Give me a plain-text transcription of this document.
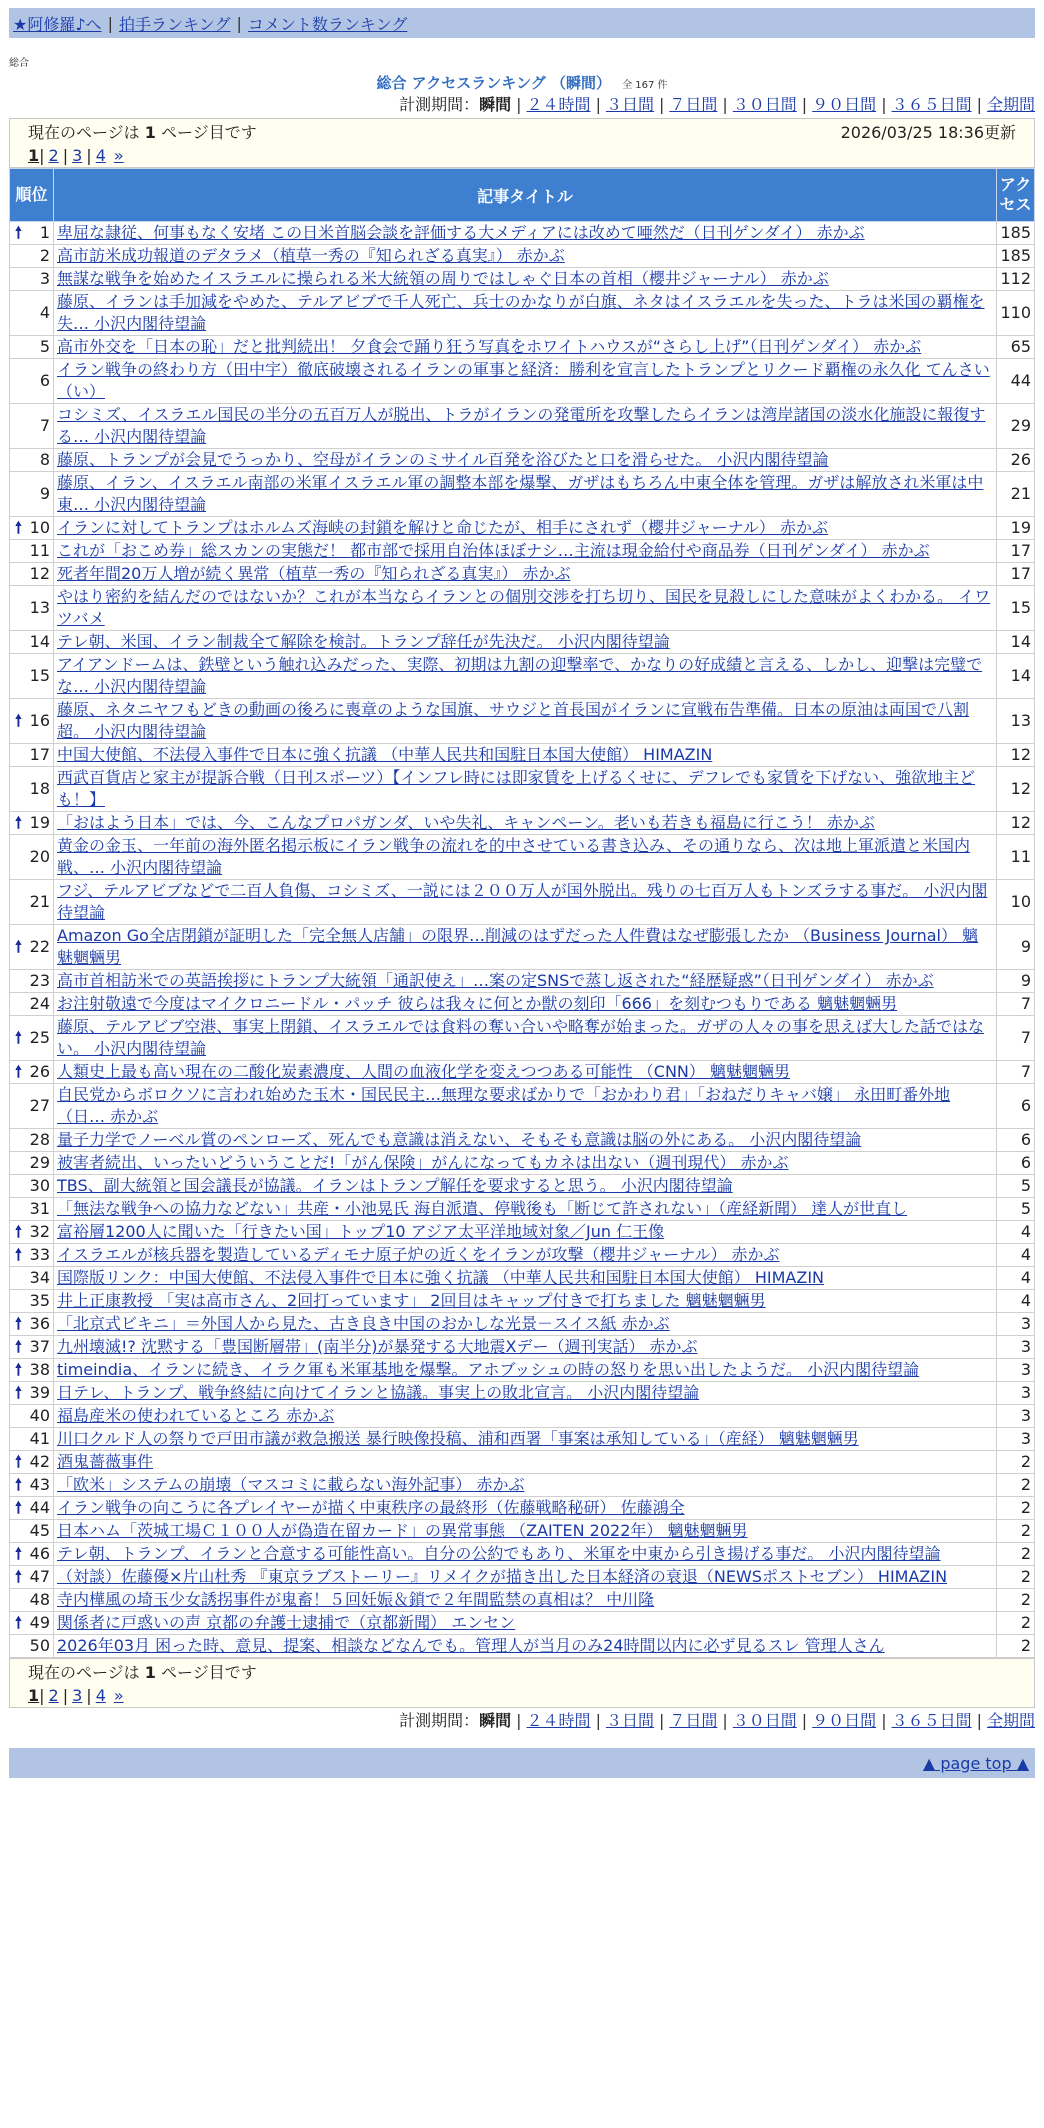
★阿修羅♪へ | 拍手ランキング | コメント数ランキング
総合
総合 アクセスランキング （瞬間） 全 167 件
計測期間：瞬間 | ２４時間 | ３日間 | ７日間 | ３０日間 | ９０日間 | ３６５日間 | 全期間
現在のページは 1 ページ目です	2026/03/25 18:36更新
1| 2 | 3 | 4 »
順位	記事タイトル	アクセス

🠕 1	卑屈な隷従、何事もなく安堵 この日米首脳会談を評価する大メディアには改めて唖然だ（日刊ゲンダイ） 赤かぶ	185
2	高市訪米成功報道のデタラメ（植草一秀の『知られざる真実』） 赤かぶ	185
3	無謀な戦争を始めたイスラエルに操られる米大統領の周りではしゃぐ日本の首相（櫻井ジャーナル） 赤かぶ	112
4	藤原、イランは手加減をやめた、テルアビブで千人死亡、兵士のかなりが白旗、ネタはイスラエルを失った、トラは米国の覇権を失… 小沢内閣待望論	110
5	高市外交を「日本の恥」だと批判続出！ 夕食会で踊り狂う写真をホワイトハウスが“さらし上げ”（日刊ゲンダイ） 赤かぶ	65
6	イラン戦争の終わり方（田中宇）徹底破壊されるイランの軍事と経済：勝利を宣言したトランプとリクード覇権の永久化 てんさい（い）	44
7	コシミズ、イスラエル国民の半分の五百万人が脱出、トラがイランの発電所を攻撃したらイランは湾岸諸国の淡水化施設に報復する… 小沢内閣待望論	29
8	藤原、トランプが会見でうっかり、空母がイランのミサイル百発を浴びたと口を滑らせた。 小沢内閣待望論	26
9	藤原、イラン、イスラエル南部の米軍イスラエル軍の調整本部を爆撃、ガザはもちろん中東全体を管理。ガザは解放され米軍は中東… 小沢内閣待望論	21

🠕 10	イランに対してトランプはホルムズ海峡の封鎖を解けと命じたが、相手にされず（櫻井ジャーナル） 赤かぶ	19
11	これが「おこめ券」総スカンの実態だ！ 都市部で採用自治体ほぼナシ…主流は現金給付や商品券（日刊ゲンダイ） 赤かぶ	17
12	死者年間20万人増が続く異常（植草一秀の『知られざる真実』） 赤かぶ	17
13	やはり密約を結んだのではないか？これが本当ならイランとの個別交渉を打ち切り、国民を見殺しにした意味がよくわかる。 イワツバメ	15
14	テレ朝、米国、イラン制裁全て解除を検討。トランプ辞任が先決だ。 小沢内閣待望論	14
15	アイアンドームは、鉄壁という触れ込みだった、実際、初期は九割の迎撃率で、かなりの好成績と言える、しかし、迎撃は完璧でな… 小沢内閣待望論	14

🠕 16	藤原、ネタニヤフもどきの動画の後ろに喪章のような国旗、サウジと首長国がイランに宣戦布告準備。日本の原油は両国で八割超。 小沢内閣待望論	13
17	中国大使館、不法侵入事件で日本に強く抗議 （中華人民共和国駐日本国大使館） HIMAZIN	12
18	西武百貨店と家主が提訴合戦（日刊スポーツ）【インフレ時には即家賃を上げるくせに、デフレでも家賃を下げない、強欲地主ども！】	12

🠕 19	「おはよう日本」では、今、こんなプロパガンダ、いや失礼、キャンペーン。老いも若きも福島に行こう！ 赤かぶ	12
20	黄金の金玉、一年前の海外匿名掲示板にイラン戦争の流れを的中させている書き込み、その通りなら、次は地上軍派遣と米国内戦、… 小沢内閣待望論	11
21	フジ、テルアビブなどで二百人負傷、コシミズ、一説には２００万人が国外脱出。残りの七百万人もトンズラする事だ。 小沢内閣待望論	10

🠕 22	Amazon Go全店閉鎖が証明した「完全無人店舗」の限界…削減のはずだった人件費はなぜ膨張したか （Business Journal） 魑魅魍魎男	9
23	高市首相訪米での英語挨拶にトランプ大統領「通訳使え」…案の定SNSで蒸し返された“経歴疑惑”（日刊ゲンダイ） 赤かぶ	9
24	お注射敬遠で今度はマイクロニードル・パッチ 彼らは我々に何とか獣の刻印「666」を刻むつもりである 魑魅魍魎男	7

🠕 25	藤原、テルアビブ空港、事実上閉鎖、イスラエルでは食料の奪い合いや略奪が始まった。ガザの人々の事を思えば大した話ではない。 小沢内閣待望論	7

🠕 26	人類史上最も高い現在の二酸化炭素濃度、人間の血液化学を変えつつある可能性 （CNN） 魑魅魍魎男	7
27	自民党からボロクソに言われ始めた玉木・国民民主…無理な要求ばかりで「おかわり君」「おねだりキャバ嬢」 永田町番外地（日… 赤かぶ	6
28	量子力学でノーベル賞のペンローズ、死んでも意識は消えない、そもそも意識は脳の外にある。 小沢内閣待望論	6
29	被害者続出、いったいどういうことだ!「がん保険」がんになってもカネは出ない（週刊現代） 赤かぶ	6
30	TBS、副大統領と国会議長が協議。イランはトランプ解任を要求すると思う。 小沢内閣待望論	5
31	「無法な戦争への協力などない」共産・小池晃氏 海自派遣、停戦後も「断じて許されない」（産経新聞） 達人が世直し	5

🠕 32	富裕層1200人に聞いた「行きたい国」トップ10 アジア太平洋地域対象／Jun 仁王像	4

🠕 33	イスラエルが核兵器を製造しているディモナ原子炉の近くをイランが攻撃（櫻井ジャーナル） 赤かぶ	4
34	国際版リンク：中国大使館、不法侵入事件で日本に強く抗議 （中華人民共和国駐日本国大使館） HIMAZIN	4
35	井上正康教授 「実は高市さん、2回打っています」 2回目はキャップ付きで打ちました 魑魅魍魎男	4

🠕 36	「北京式ビキニ」＝外国人から見た、古き良き中国のおかしな光景－スイス紙 赤かぶ	3

🠕 37	九州壊滅!? 沈黙する「豊国断層帯」(南半分)が暴発する大地震Xデー（週刊実話） 赤かぶ	3

🠕 38	timeindia、イランに続き、イラク軍も米軍基地を爆撃。アホブッシュの時の怒りを思い出したようだ。 小沢内閣待望論	3

🠕 39	日テレ、トランプ、戦争終結に向けてイランと協議。事実上の敗北宣言。 小沢内閣待望論	3
40	福島産米の使われているところ 赤かぶ	3
41	川口クルド人の祭りで戸田市議が救急搬送 暴行映像投稿、浦和西署「事案は承知している」（産経） 魑魅魍魎男	3

🠕 42	酒鬼薔薇事件	2

🠕 43	「欧米」システムの崩壊（マスコミに載らない海外記事） 赤かぶ	2

🠕 44	イラン戦争の向こうに各プレイヤーが描く中東秩序の最終形（佐藤戦略秘研） 佐藤鴻全	2
45	日本ハム「茨城工場Ｃ１００人が偽造在留カード」の異常事態 （ZAITEN 2022年） 魑魅魍魎男	2

🠕 46	テレ朝、トランプ、イランと合意する可能性高い。自分の公約でもあり、米軍を中東から引き揚げる事だ。 小沢内閣待望論	2

🠕 47	（対談）佐藤優×片山杜秀 『東京ラブストーリー』リメイクが描き出した日本経済の衰退（NEWSポストセブン） HIMAZIN	2
48	寺内樺風の埼玉少女誘拐事件が鬼畜！５回妊娠＆鎖で２年間監禁の真相は？ 中川隆	2

🠕 49	関係者に戸惑いの声 京都の弁護士逮捕で（京都新聞） エンセン	2
50	2026年03月 困った時、意見、提案、相談などなんでも。管理人が当月のみ24時間以内に必ず見るスレ 管理人さん	2
現在のページは 1 ページ目です
1| 2 | 3 | 4 »
計測期間：瞬間 | ２４時間 | ３日間 | ７日間 | ３０日間 | ９０日間 | ３６５日間 | 全期間
▲ page top ▲
